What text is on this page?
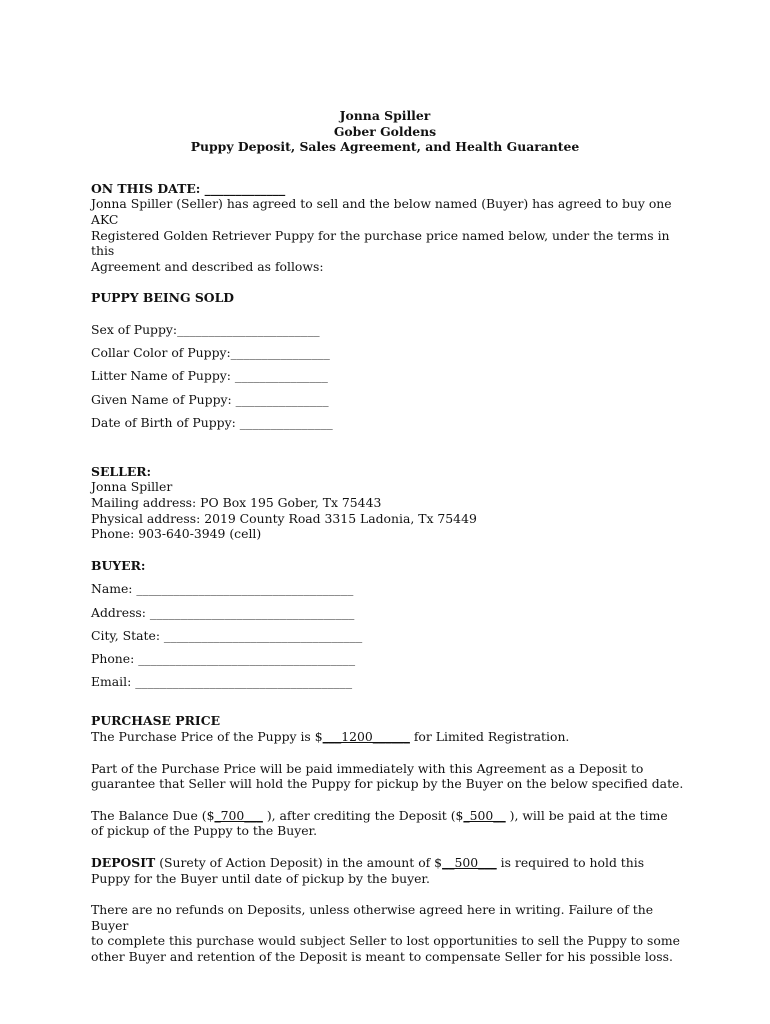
Jonna Spiller
Gober Goldens
Puppy Deposit, Sales Agreement, and Health Guarantee
ON THIS DATE: _____________
Jonna Spiller (Seller) has agreed to sell and the below named (Buyer) has agreed to buy one AKC
Registered Golden Retriever Puppy for the purchase price named below, under the terms in this
Agreement and described as follows:
PUPPY BEING SOLD
Sex of Puppy:_______________________
Collar Color of Puppy:________________
Litter Name of Puppy: _______________
Given Name of Puppy: _______________
Date of Birth of Puppy: _______________
SELLER:
Jonna Spiller
Mailing address: PO Box 195 Gober, Tx 75443
Physical address: 2019 County Road 3315 Ladonia, Tx 75449
Phone: 903-640-3949 (cell)
BUYER:
Name: ___________________________________
Address: _________________________________
City, State: ________________________________
Phone: ___________________________________
Email: ___________________________________
PURCHASE PRICE
The Purchase Price of the Puppy is $___1200______ for Limited Registration.
Part of the Purchase Price will be paid immediately with this Agreement as a Deposit to
guarantee that Seller will hold the Puppy for pickup by the Buyer on the below specified date.
The Balance Due ($_700___ ), after crediting the Deposit ($_500__ ), will be paid at the time
of pickup of the Puppy to the Buyer.
DEPOSIT (Surety of Action Deposit) in the amount of $__500___ is required to hold this
Puppy for the Buyer until date of pickup by the buyer.
There are no refunds on Deposits, unless otherwise agreed here in writing. Failure of the Buyer
to complete this purchase would subject Seller to lost opportunities to sell the Puppy to some
other Buyer and retention of the Deposit is meant to compensate Seller for his possible loss.
